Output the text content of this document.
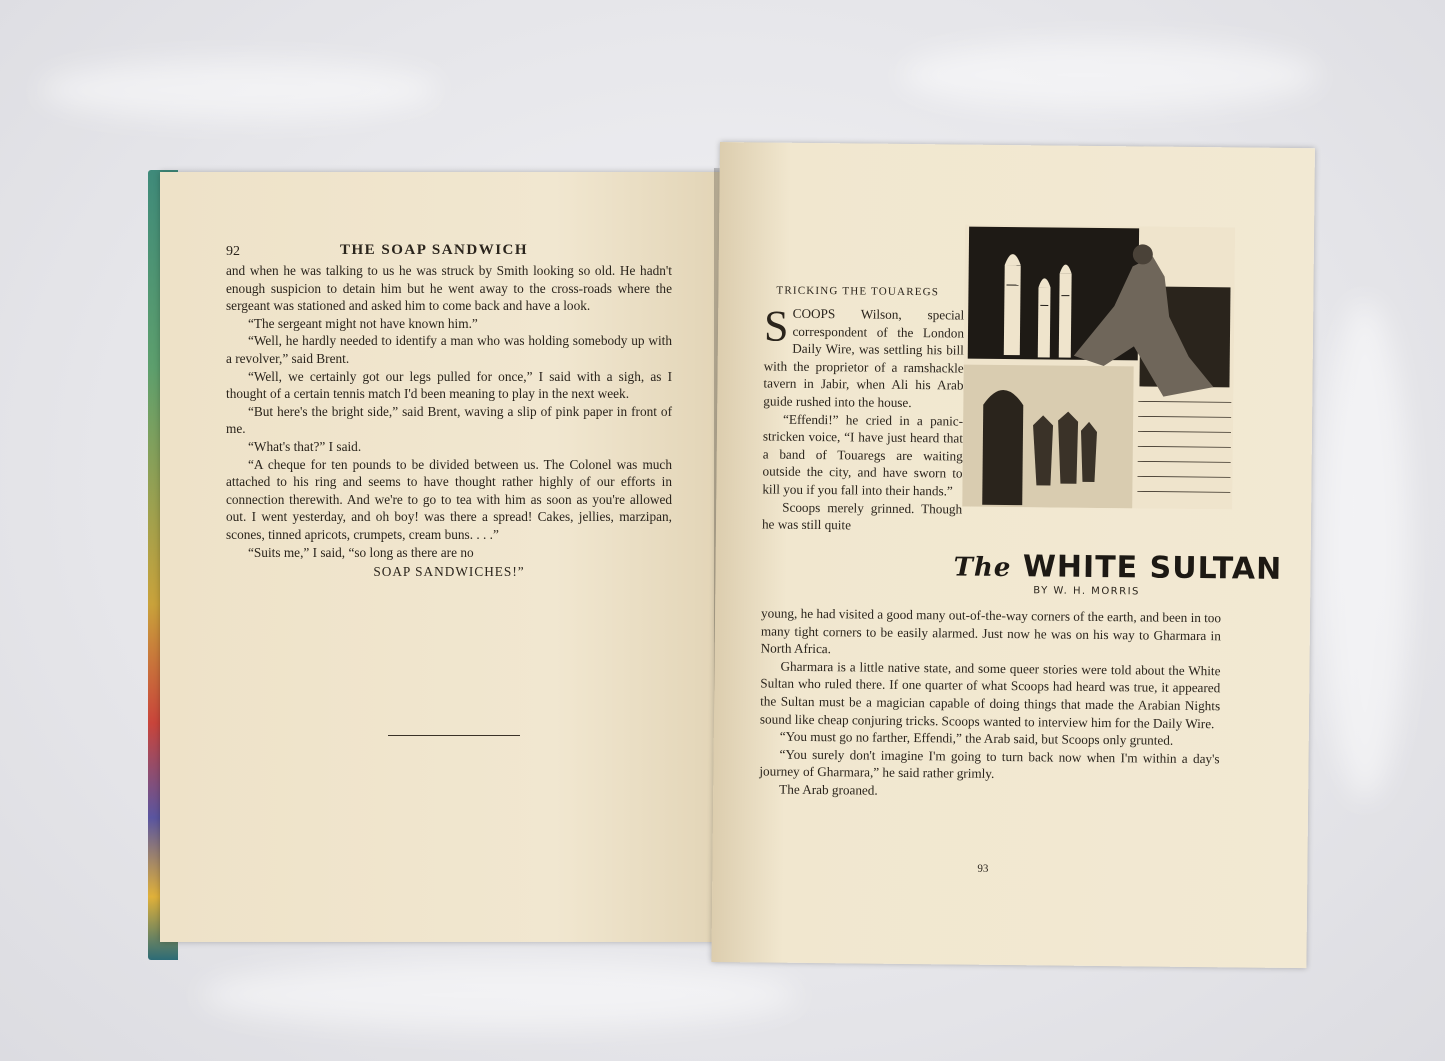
92	THE SOAP SANDWICH

and when he was talking to us he was struck by Smith looking so old. He hadn't enough suspicion to detain him but he went away to the cross-roads where the sergeant was stationed and asked him to come back and have a look.

“The sergeant might not have known him.”

“Well, he hardly needed to identify a man who was holding somebody up with a revolver,” said Brent.

“Well, we certainly got our legs pulled for once,” I said with a sigh, as I thought of a certain tennis match I'd been meaning to play in the next week.

“But here's the bright side,” said Brent, waving a slip of pink paper in front of me.

“What's that?” I said.

“A cheque for ten pounds to be divided between us. The Colonel was much attached to his ring and seems to have thought rather highly of our efforts in connection therewith. And we're to go to tea with him as soon as you're allowed out. I went yesterday, and oh boy! was there a spread! Cakes, jellies, marzipan, scones, tinned apricots, crumpets, cream buns. . . .”

“Suits me,” I said, “so long as there are no

SOAP SANDWICHES!”

TRICKING THE TOUAREGS

SCOOPS Wilson, special correspondent of the London Daily Wire, was settling his bill with the proprietor of a ramshackle tavern in Jabir, when Ali his Arab guide rushed into the house.

“Effendi!” he cried in a panic-stricken voice, “I have just heard that a band of Touaregs are waiting outside the city, and have sworn to kill you if you fall into their hands.”

Scoops merely grinned. Though he was still quite

The WHITE SULTAN
BY W. H. MORRIS

young, he had visited a good many out-of-the-way corners of the earth, and been in too many tight corners to be easily alarmed. Just now he was on his way to Gharmara in North Africa.

Gharmara is a little native state, and some queer stories were told about the White Sultan who ruled there. If one quarter of what Scoops had heard was true, it appeared the Sultan must be a magician capable of doing things that made the Arabian Nights sound like cheap conjuring tricks. Scoops wanted to interview him for the Daily Wire.

“You must go no farther, Effendi,” the Arab said, but Scoops only grunted.

“You surely don't imagine I'm going to turn back now when I'm within a day's journey of Gharmara,” he said rather grimly.

The Arab groaned.

93
